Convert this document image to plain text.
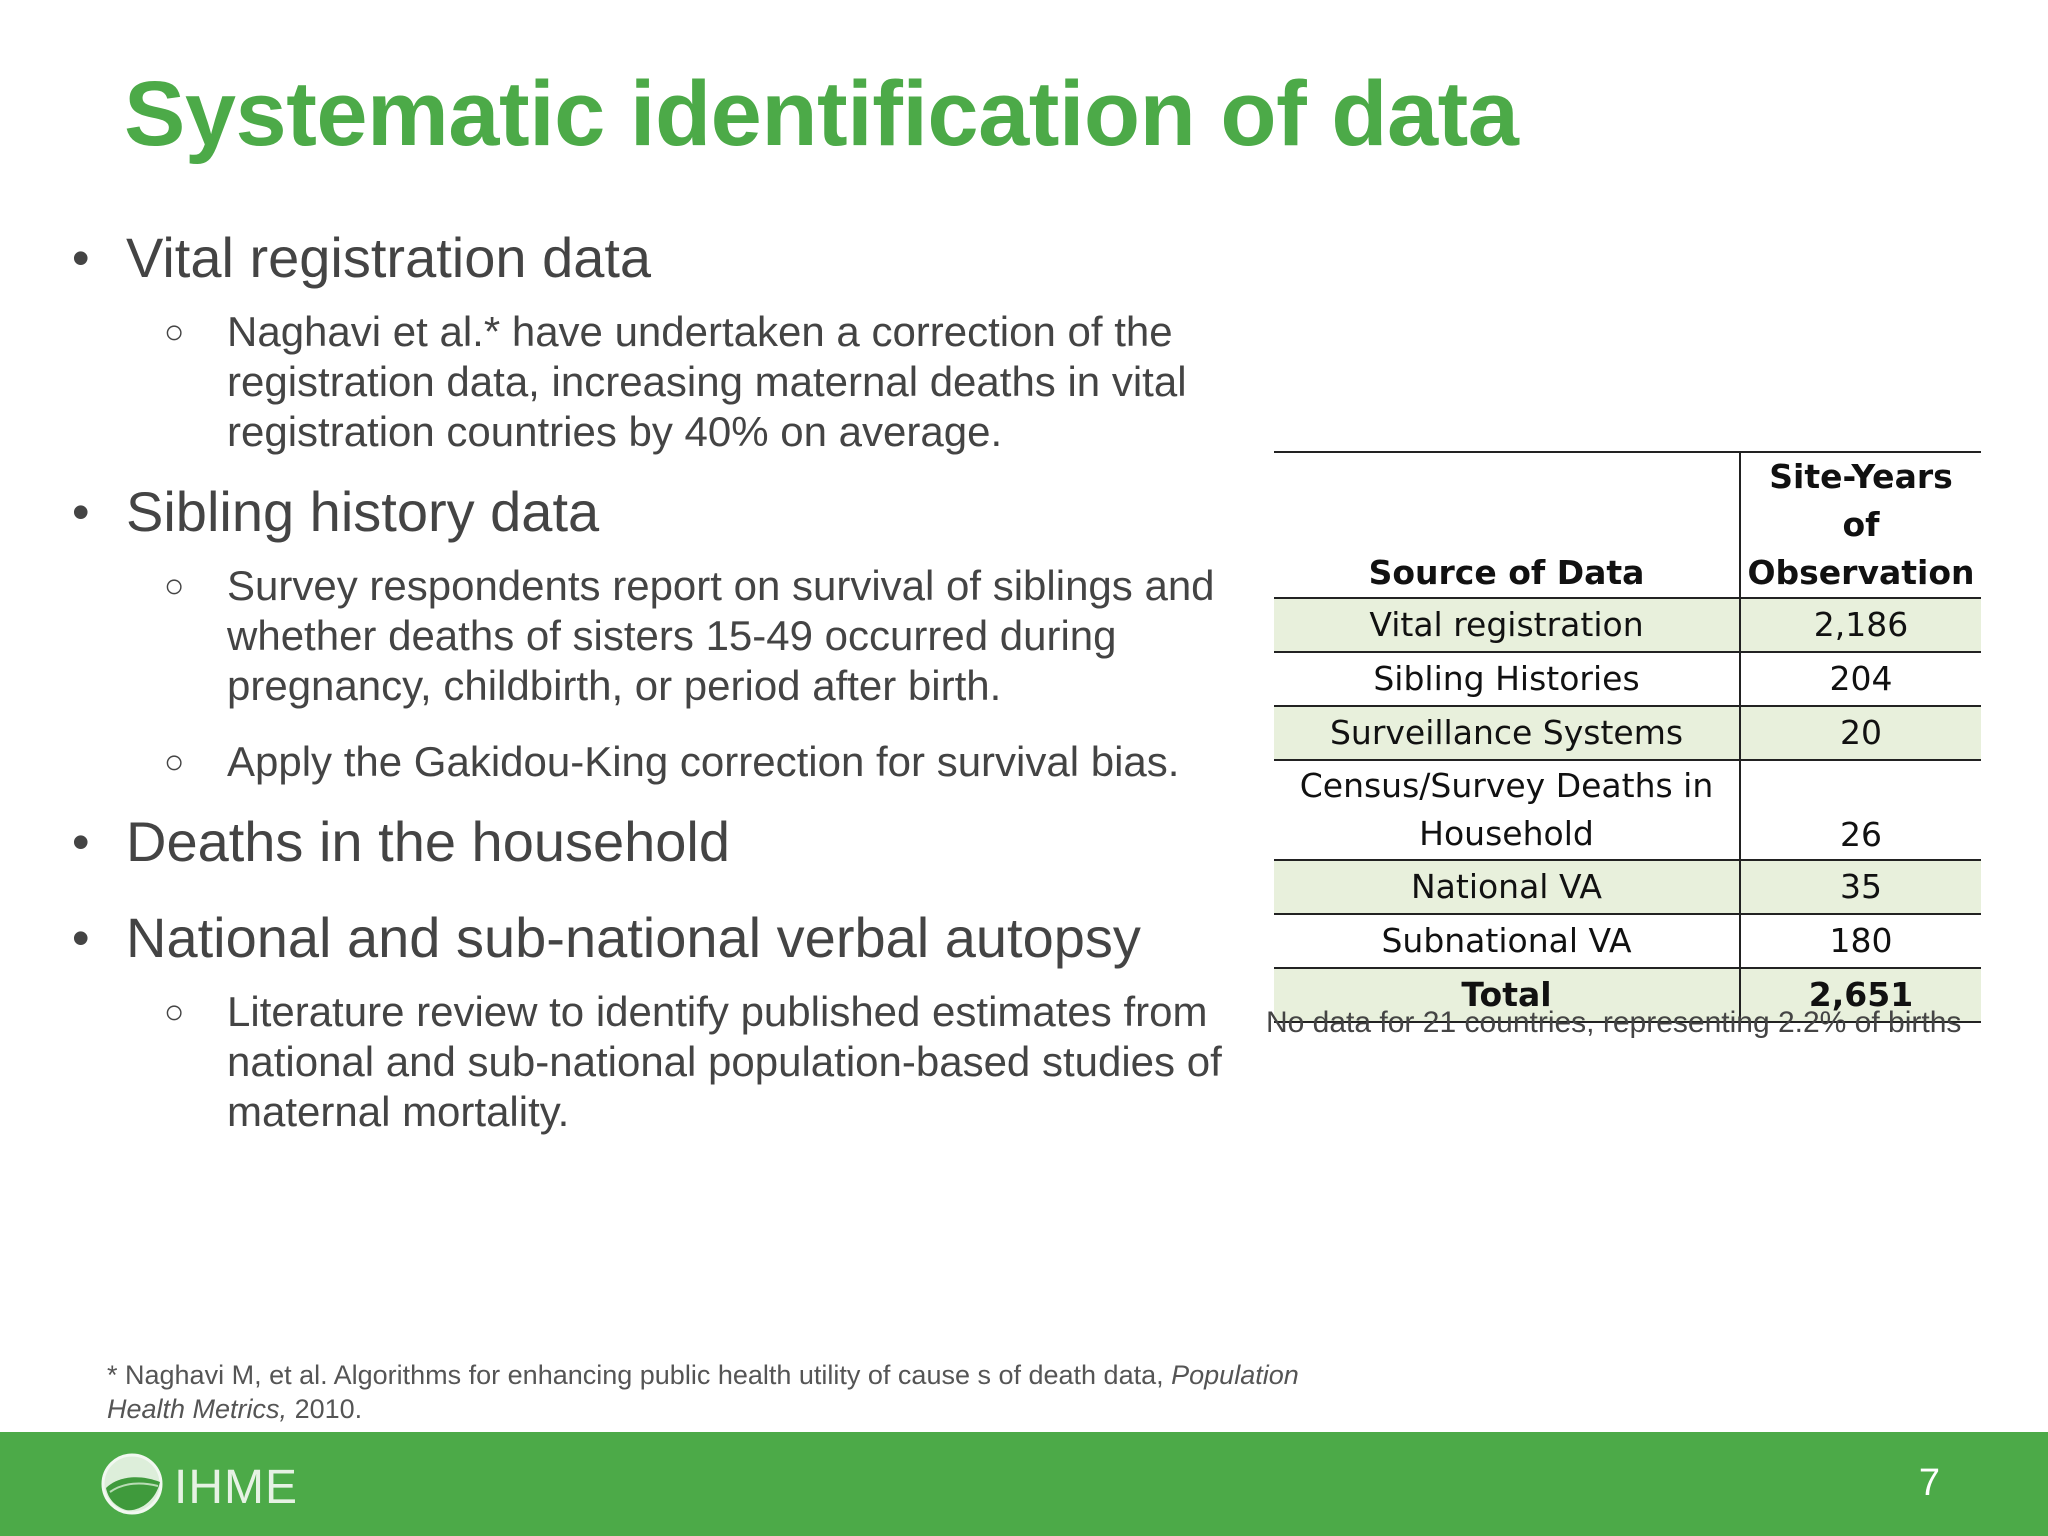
Systematic identification of data
• Vital registration data
○ Naghavi et al.* have undertaken a correction of the registration data, increasing maternal deaths in vital registration countries by 40% on average.
• Sibling history data
○ Survey respondents report on survival of siblings and whether deaths of sisters 15-49 occurred during pregnancy, childbirth, or period after birth.
○ Apply the Gakidou-King correction for survival bias.
• Deaths in the household
• National and sub-national verbal autopsy
○ Literature review to identify published estimates from national and sub-national population-based studies of maternal mortality.
Source of Data	Site-Years of
Observation

Vital registration	2,186
Sibling Histories	204
Surveillance Systems	20

Census/Survey Deaths in
Household	26
National VA	35
Subnational VA	180
Total	2,651
No data for 21 countries, representing 2.2% of births
* Naghavi M, et al. Algorithms for enhancing public health utility of cause s of death data, Population
Health Metrics, 2010.
IHME	7
